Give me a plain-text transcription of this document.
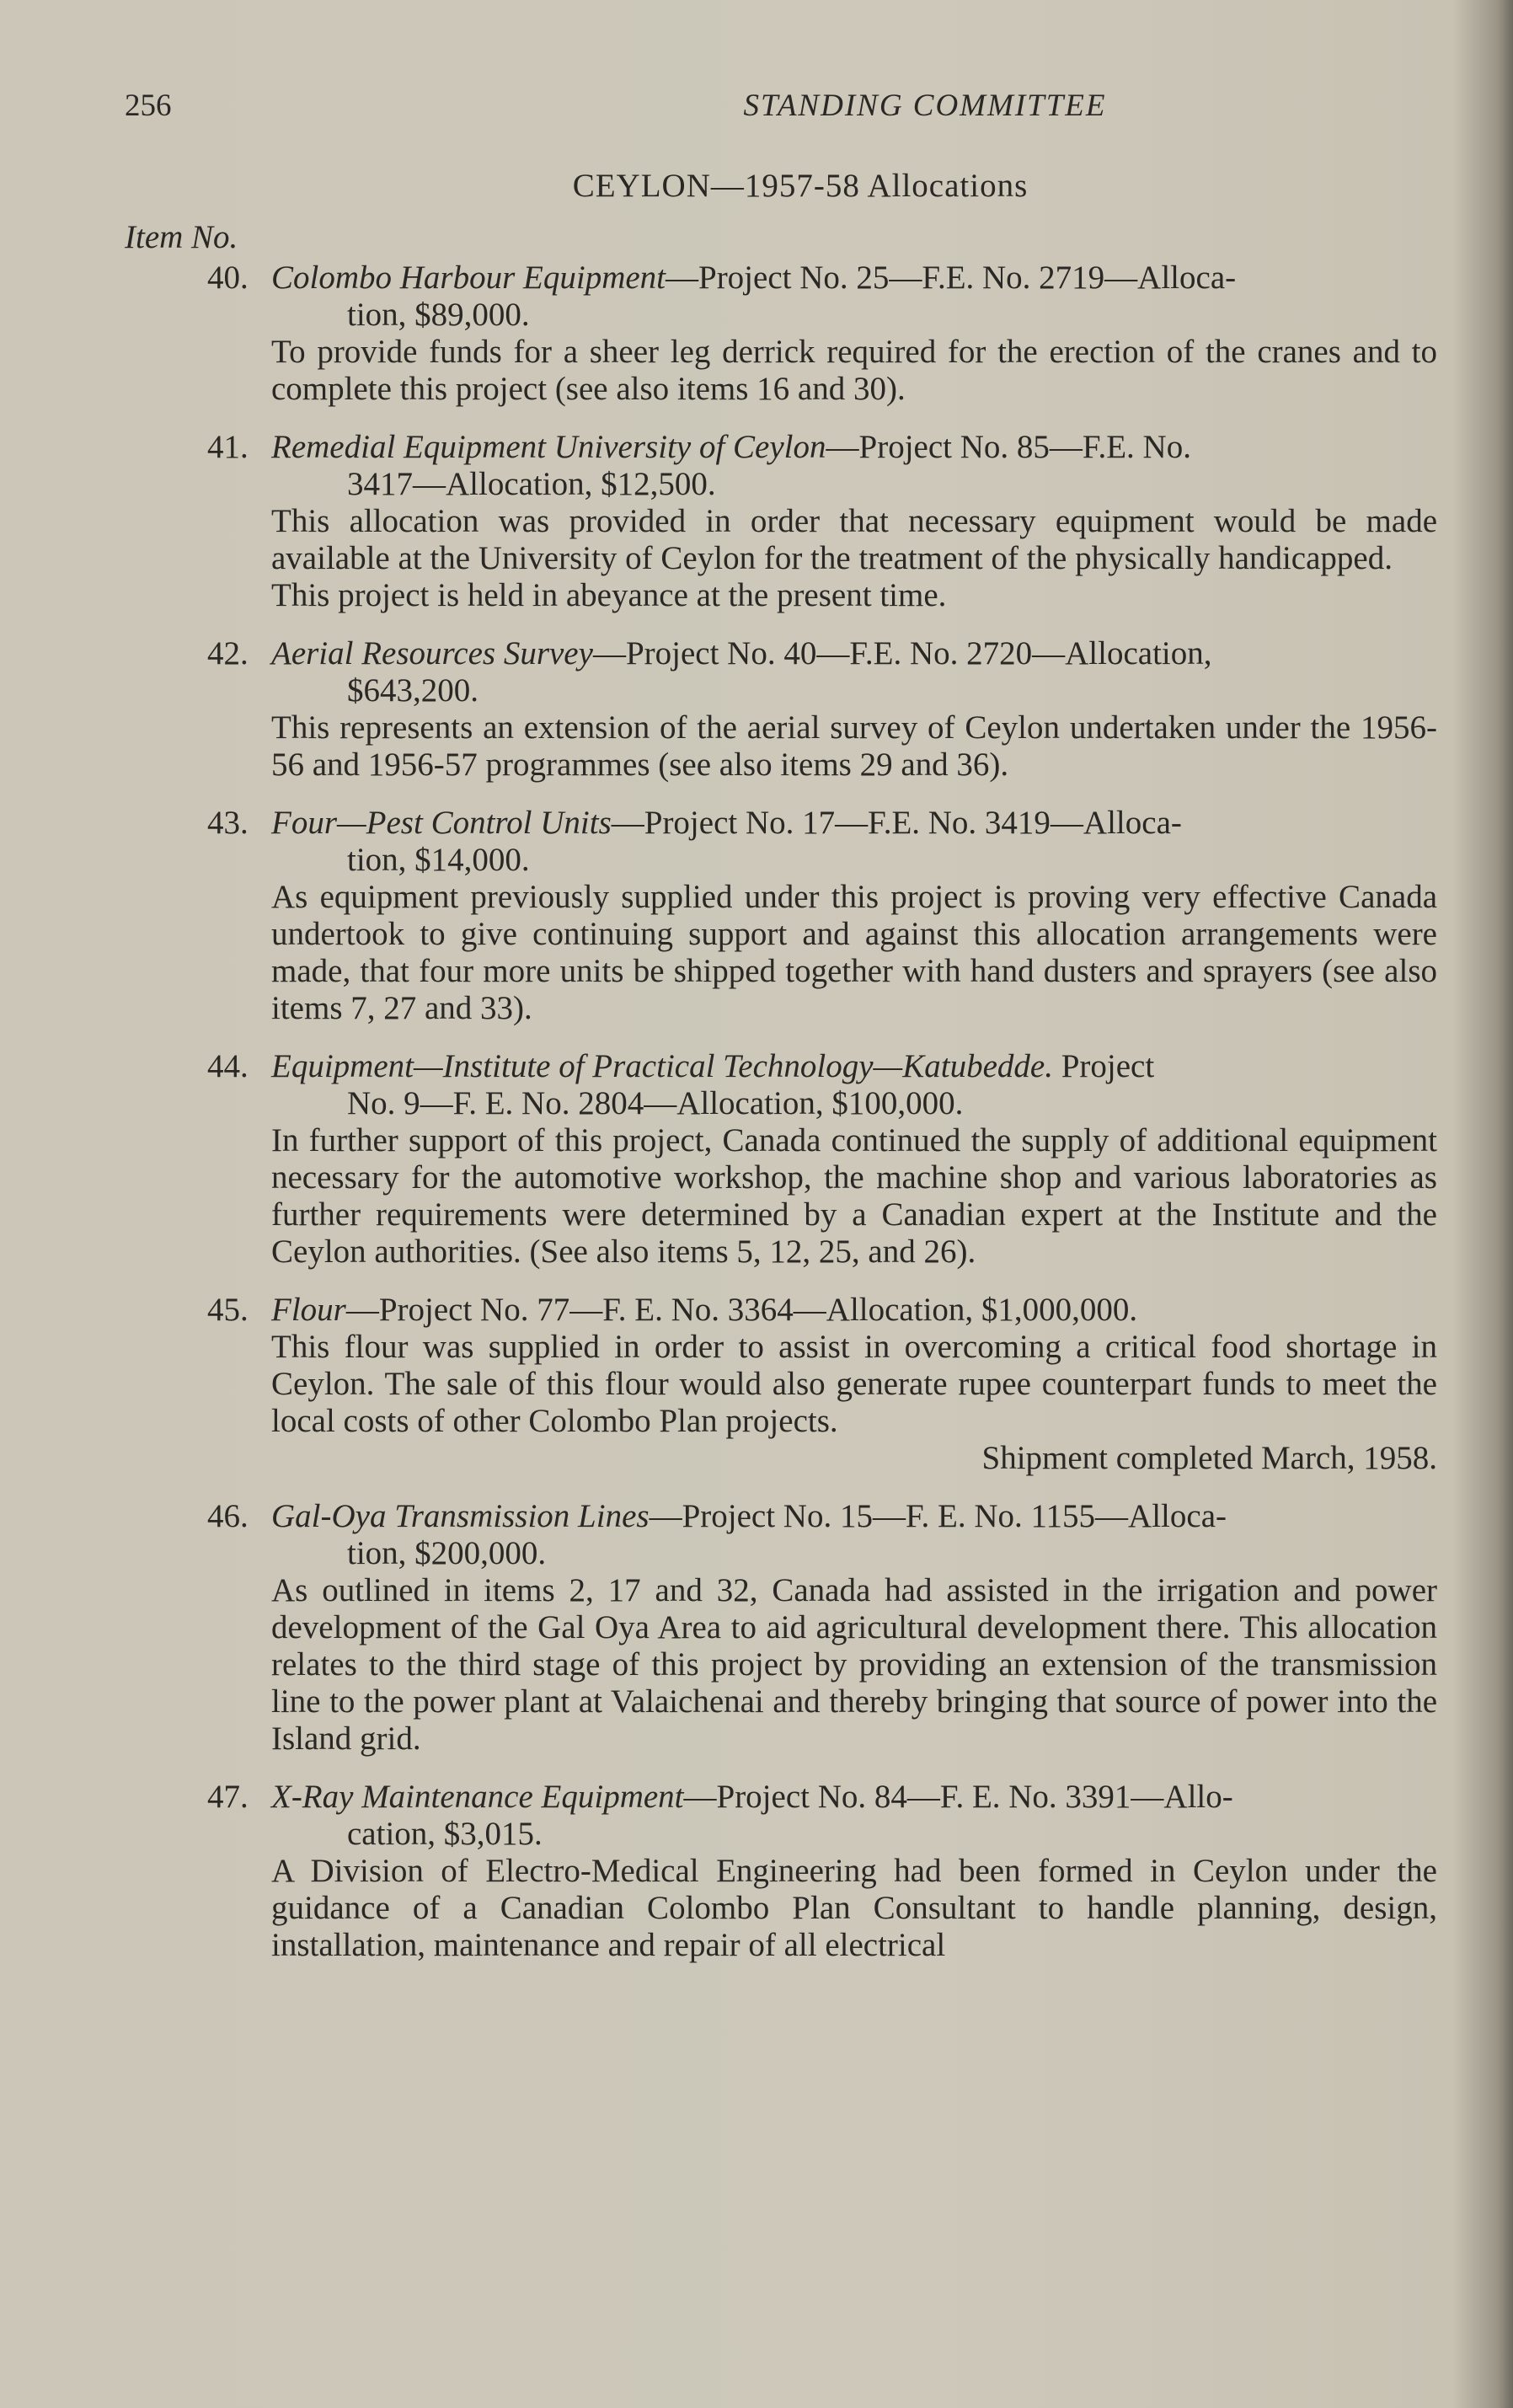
256	STANDING COMMITTEE
CEYLON—1957-58 Allocations
Item No.
40. Colombo Harbour Equipment—Project No. 25—F.E. No. 2719—Alloca-
tion, $89,000.
To provide funds for a sheer leg derrick required for the erection of the cranes and to complete this project (see also items 16 and 30).
41. Remedial Equipment University of Ceylon—Project No. 85—F.E. No.
3417—Allocation, $12,500.
This allocation was provided in order that necessary equipment would be made available at the University of Ceylon for the treatment of the physically handicapped.
This project is held in abeyance at the present time.
42. Aerial Resources Survey—Project No. 40—F.E. No. 2720—Allocation,
$643,200.
This represents an extension of the aerial survey of Ceylon undertaken under the 1956-56 and 1956-57 programmes (see also items 29 and 36).
43. Four—Pest Control Units—Project No. 17—F.E. No. 3419—Alloca-
tion, $14,000.
As equipment previously supplied under this project is proving very effective Canada undertook to give continuing support and against this allocation arrangements were made, that four more units be shipped together with hand dusters and sprayers (see also items 7, 27 and 33).
44. Equipment—Institute of Practical Technology—Katubedde. Project
No. 9—F. E. No. 2804—Allocation, $100,000.
In further support of this project, Canada continued the supply of additional equipment necessary for the automotive workshop, the machine shop and various laboratories as further requirements were determined by a Canadian expert at the Institute and the Ceylon authorities. (See also items 5, 12, 25, and 26).
45. Flour—Project No. 77—F. E. No. 3364—Allocation, $1,000,000.
This flour was supplied in order to assist in overcoming a critical food shortage in Ceylon. The sale of this flour would also generate rupee counterpart funds to meet the local costs of other Colombo Plan projects.
Shipment completed March, 1958.
46. Gal-Oya Transmission Lines—Project No. 15—F. E. No. 1155—Alloca-
tion, $200,000.
As outlined in items 2, 17 and 32, Canada had assisted in the irrigation and power development of the Gal Oya Area to aid agricultural development there. This allocation relates to the third stage of this project by providing an extension of the transmission line to the power plant at Valaichenai and thereby bringing that source of power into the Island grid.
47. X-Ray Maintenance Equipment—Project No. 84—F. E. No. 3391—Allo-
cation, $3,015.
A Division of Electro-Medical Engineering had been formed in Ceylon under the guidance of a Canadian Colombo Plan Consultant to handle planning, design, installation, maintenance and repair of all electrical
